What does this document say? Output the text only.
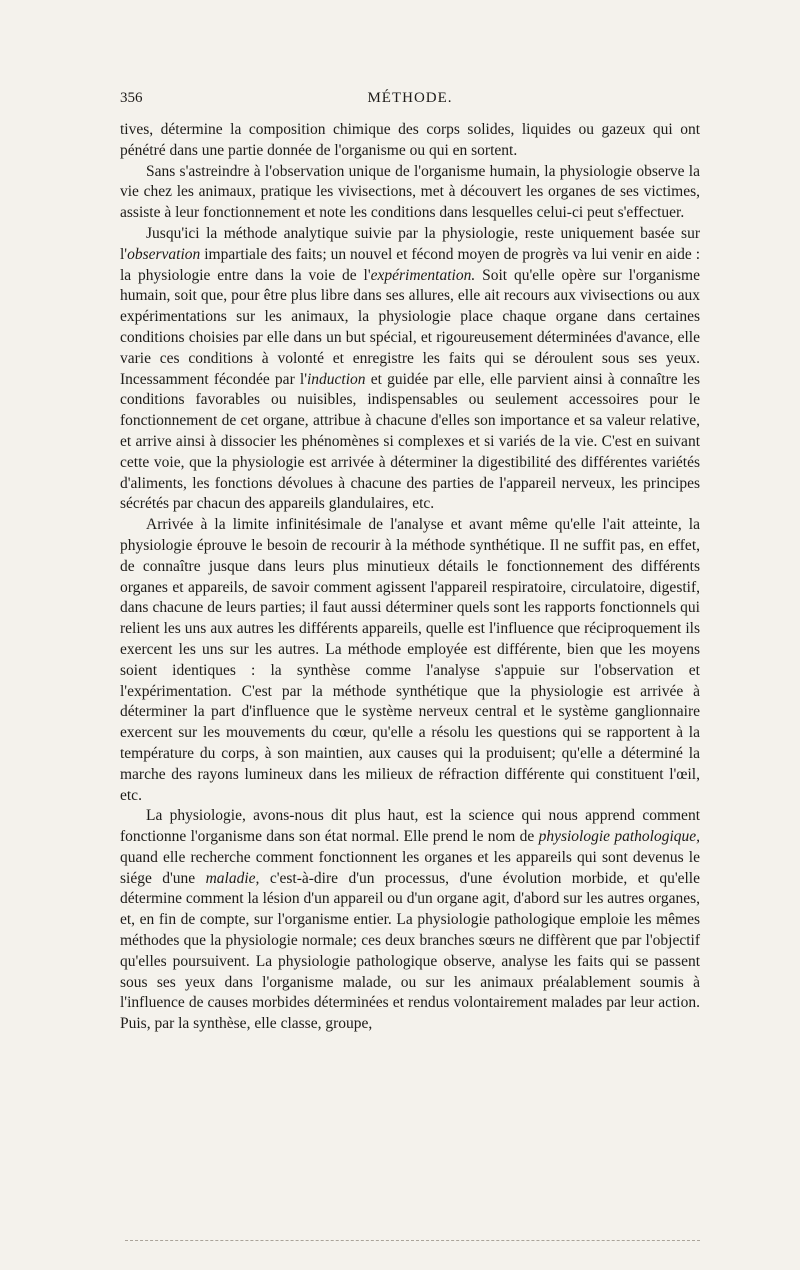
356	MÉTHODE.

tives, détermine la composition chimique des corps solides, liquides ou gazeux qui ont pénétré dans une partie donnée de l'organisme ou qui en sortent.

Sans s'astreindre à l'observation unique de l'organisme humain, la physiologie observe la vie chez les animaux, pratique les vivisections, met à découvert les organes de ses victimes, assiste à leur fonctionnement et note les conditions dans lesquelles celui-ci peut s'effectuer.

Jusqu'ici la méthode analytique suivie par la physiologie, reste uniquement basée sur l'observation impartiale des faits; un nouvel et fécond moyen de progrès va lui venir en aide : la physiologie entre dans la voie de l'expérimentation. Soit qu'elle opère sur l'organisme humain, soit que, pour être plus libre dans ses allures, elle ait recours aux vivisections ou aux expérimentations sur les animaux, la physiologie place chaque organe dans certaines conditions choisies par elle dans un but spécial, et rigoureusement déterminées d'avance, elle varie ces conditions à volonté et enregistre les faits qui se déroulent sous ses yeux. Incessamment fécondée par l'induction et guidée par elle, elle parvient ainsi à connaître les conditions favorables ou nuisibles, indispensables ou seulement accessoires pour le fonctionnement de cet organe, attribue à chacune d'elles son importance et sa valeur relative, et arrive ainsi à dissocier les phénomènes si complexes et si variés de la vie. C'est en suivant cette voie, que la physiologie est arrivée à déterminer la digestibilité des différentes variétés d'aliments, les fonctions dévolues à chacune des parties de l'appareil nerveux, les principes sécrétés par chacun des appareils glandulaires, etc.

Arrivée à la limite infinitésimale de l'analyse et avant même qu'elle l'ait atteinte, la physiologie éprouve le besoin de recourir à la méthode synthétique. Il ne suffit pas, en effet, de connaître jusque dans leurs plus minutieux détails le fonctionnement des différents organes et appareils, de savoir comment agissent l'appareil respiratoire, circulatoire, digestif, dans chacune de leurs parties; il faut aussi déterminer quels sont les rapports fonctionnels qui relient les uns aux autres les différents appareils, quelle est l'influence que réciproquement ils exercent les uns sur les autres. La méthode employée est différente, bien que les moyens soient identiques : la synthèse comme l'analyse s'appuie sur l'observation et l'expérimentation. C'est par la méthode synthétique que la physiologie est arrivée à déterminer la part d'influence que le système nerveux central et le système ganglionnaire exercent sur les mouvements du cœur, qu'elle a résolu les questions qui se rapportent à la température du corps, à son maintien, aux causes qui la produisent; qu'elle a déterminé la marche des rayons lumineux dans les milieux de réfraction différente qui constituent l'œil, etc.

La physiologie, avons-nous dit plus haut, est la science qui nous apprend comment fonctionne l'organisme dans son état normal. Elle prend le nom de physiologie pathologique, quand elle recherche comment fonctionnent les organes et les appareils qui sont devenus le siége d'une maladie, c'est-à-dire d'un processus, d'une évolution morbide, et qu'elle détermine comment la lésion d'un appareil ou d'un organe agit, d'abord sur les autres organes, et, en fin de compte, sur l'organisme entier. La physiologie pathologique emploie les mêmes méthodes que la physiologie normale; ces deux branches sœurs ne diffèrent que par l'objectif qu'elles poursuivent. La physiologie pathologique observe, analyse les faits qui se passent sous ses yeux dans l'organisme malade, ou sur les animaux préalablement soumis à l'influence de causes morbides déterminées et rendus volontairement malades par leur action. Puis, par la synthèse, elle classe, groupe,
